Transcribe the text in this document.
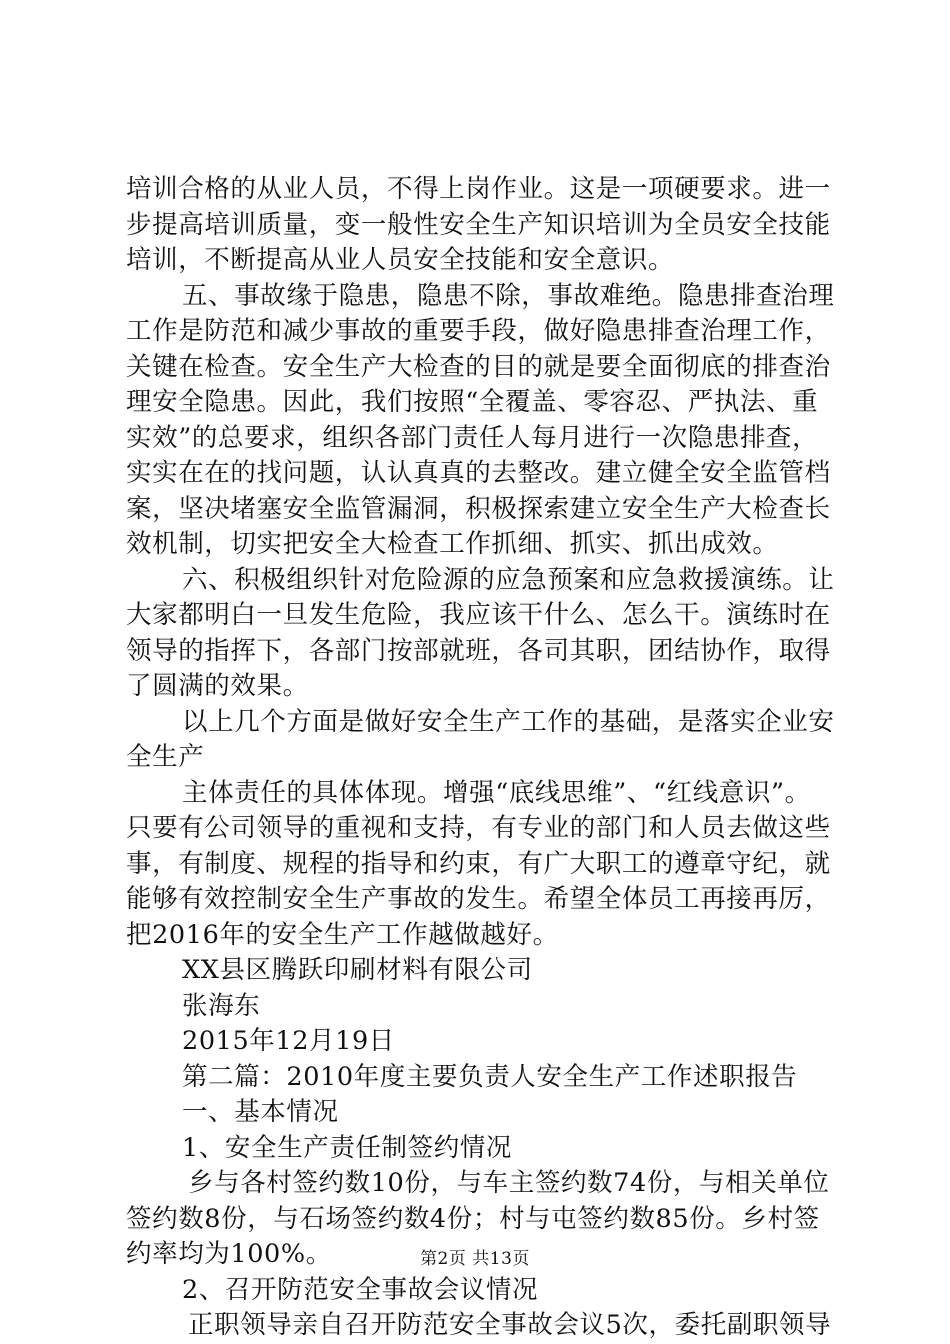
培训合格的从业人员，不得上岗作业。这是一项硬要求。进一
步提高培训质量，变一般性安全生产知识培训为全员安全技能
培训，不断提高从业人员安全技能和安全意识。
五、事故缘于隐患，隐患不除，事故难绝。隐患排查治理
工作是防范和减少事故的重要手段，做好隐患排查治理工作，
关键在检查。安全生产大检查的目的就是要全面彻底的排查治
理安全隐患。因此，我们按照“全覆盖、零容忍、严执法、重
实效”的总要求，组织各部门责任人每月进行一次隐患排查，
实实在在的找问题，认认真真的去整改。建立健全安全监管档
案，坚决堵塞安全监管漏洞，积极探索建立安全生产大检查长
效机制，切实把安全大检查工作抓细、抓实、抓出成效。
六、积极组织针对危险源的应急预案和应急救援演练。让
大家都明白一旦发生危险，我应该干什么、怎么干。演练时在
领导的指挥下，各部门按部就班，各司其职，团结协作，取得
了圆满的效果。
以上几个方面是做好安全生产工作的基础，是落实企业安
全生产
主体责任的具体体现。增强“底线思维”、“红线意识”。
只要有公司领导的重视和支持，有专业的部门和人员去做这些
事，有制度、规程的指导和约束，有广大职工的遵章守纪，就
能够有效控制安全生产事故的发生。希望全体员工再接再厉，
把2016年的安全生产工作越做越好。
XX县区腾跃印刷材料有限公司
张海东
2015年12月19日
第二篇：2010年度主要负责人安全生产工作述职报告
一、基本情况
1、安全生产责任制签约情况
乡与各村签约数10份，与车主签约数74份，与相关单位
签约数8份，与石场签约数4份；村与屯签约数85份。乡村签
约率均为100%。
2、召开防范安全事故会议情况
正职领导亲自召开防范安全事故会议5次，委托副职领导
第2页 共13页
